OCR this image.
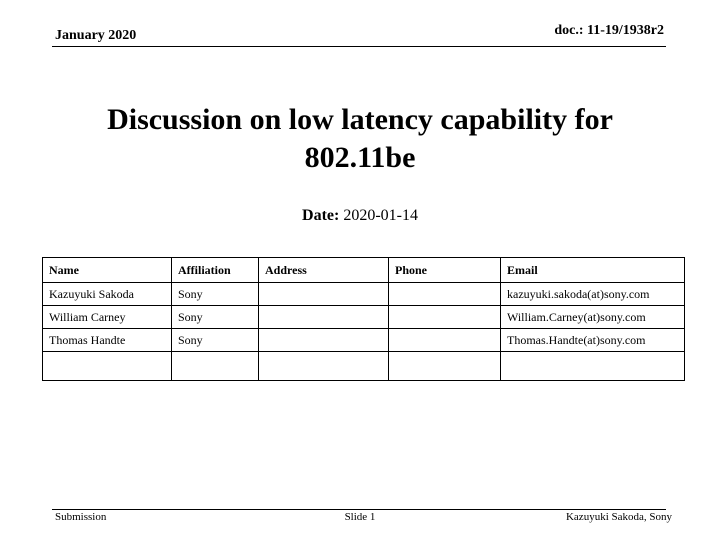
January 2020	doc.: 11-19/1938r2
Discussion on low latency capability for 802.11be
Date: 2020-01-14
Name	Affiliation	Address	Phone	Email
Kazuyuki Sakoda	Sony			kazuyuki.sakoda(at)sony.com
William Carney	Sony			William.Carney(at)sony.com
Thomas Handte	Sony			Thomas.Handte(at)sony.com

Submission	Slide 1	Kazuyuki Sakoda, Sony
